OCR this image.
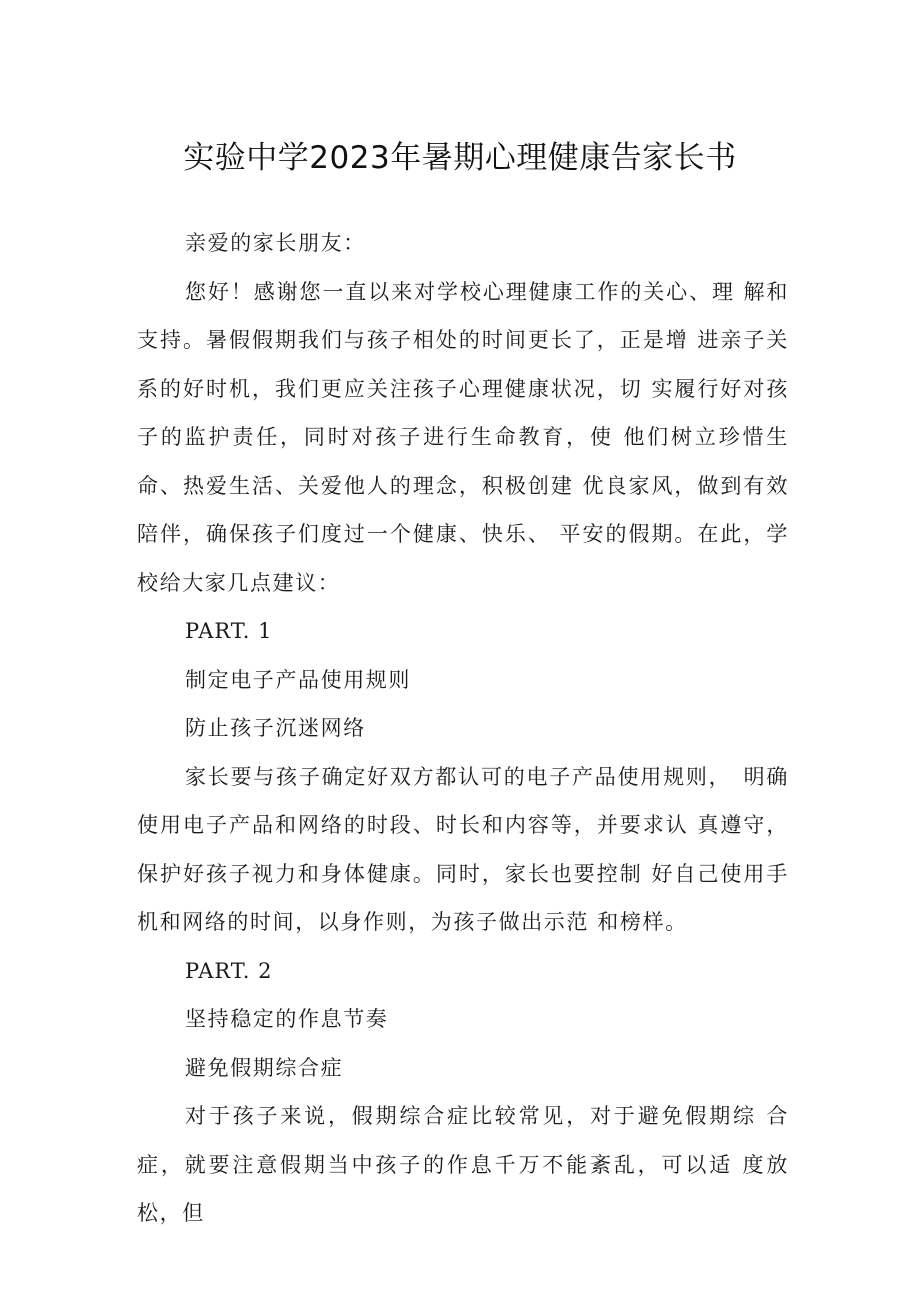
实验中学2023年暑期心理健康告家长书

亲爱的家长朋友：

您好！感谢您一直以来对学校心理健康工作的关心、理 解和支持。暑假假期我们与孩子相处的时间更长了，正是增 进亲子关系的好时机，我们更应关注孩子心理健康状况，切 实履行好对孩子的监护责任，同时对孩子进行生命教育，使 他们树立珍惜生命、热爱生活、关爱他人的理念，积极创建 优良家风，做到有效陪伴，确保孩子们度过一个健康、快乐、 平安的假期。在此，学校给大家几点建议：

PART. 1

制定电子产品使用规则

防止孩子沉迷网络

家长要与孩子确定好双方都认可的电子产品使用规则，　明确使用电子产品和网络的时段、时长和内容等，并要求认 真遵守，保护好孩子视力和身体健康。同时，家长也要控制 好自己使用手机和网络的时间，以身作则，为孩子做出示范 和榜样。

PART. 2

坚持稳定的作息节奏

避免假期综合症

对于孩子来说，假期综合症比较常见，对于避免假期综 合症，就要注意假期当中孩子的作息千万不能紊乱，可以适 度放松，但
